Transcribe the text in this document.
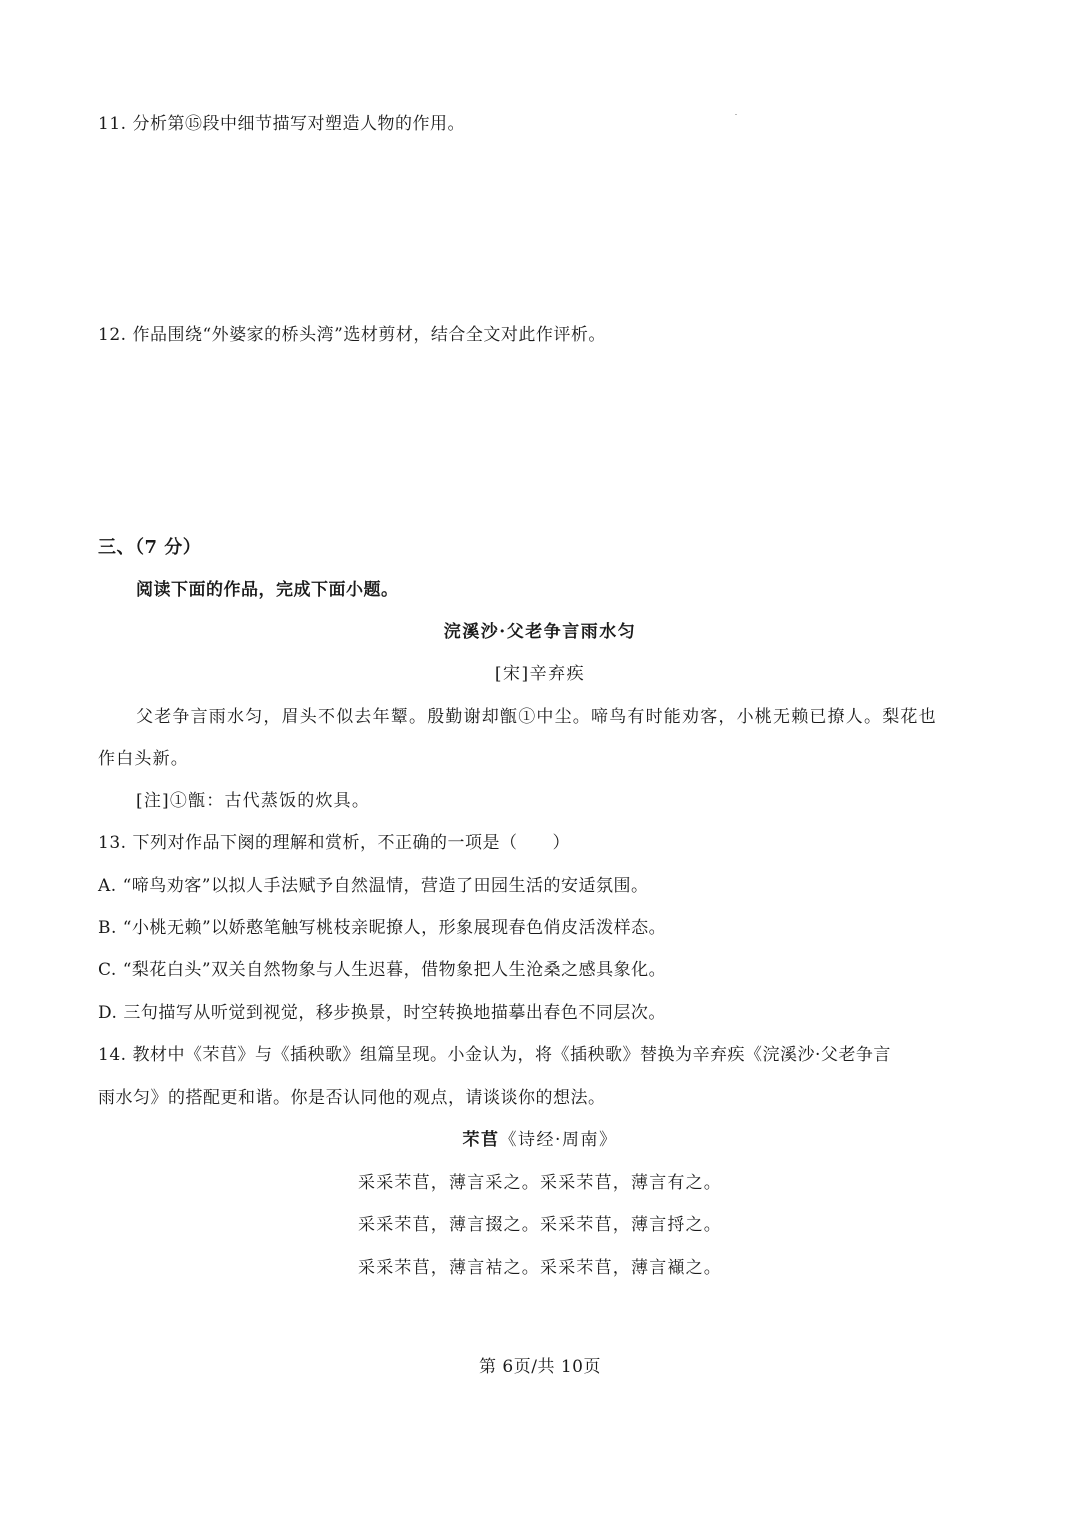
11. 分析第⑮段中细节描写对塑造人物的作用。
12. 作品围绕“外婆家的桥头湾”选材剪材，结合全文对此作评析。
三、（7 分）
阅读下面的作品，完成下面小题。
浣溪沙·父老争言雨水匀
[宋]辛弃疾
父老争言雨水匀，眉头不似去年颦。殷勤谢却甑①中尘。啼鸟有时能劝客，小桃无赖已撩人。梨花也
作白头新。
[注]①甑：古代蒸饭的炊具。
13. 下列对作品下阕的理解和赏析，不正确的一项是（　　）
A. “啼鸟劝客”以拟人手法赋予自然温情，营造了田园生活的安适氛围。
B. “小桃无赖”以娇憨笔触写桃枝亲昵撩人，形象展现春色俏皮活泼样态。
C. “梨花白头”双关自然物象与人生迟暮，借物象把人生沧桑之感具象化。
D. 三句描写从听觉到视觉，移步换景，时空转换地描摹出春色不同层次。
14. 教材中《芣苢》与《插秧歌》组篇呈现。小金认为，将《插秧歌》替换为辛弃疾《浣溪沙·父老争言
雨水匀》的搭配更和谐。你是否认同他的观点，请谈谈你的想法。
芣苢《诗经·周南》
采采芣苢，薄言采之。采采芣苢，薄言有之。
采采芣苢，薄言掇之。采采芣苢，薄言捋之。
采采芣苢，薄言袺之。采采芣苢，薄言襭之。
第 6页/共 10页
